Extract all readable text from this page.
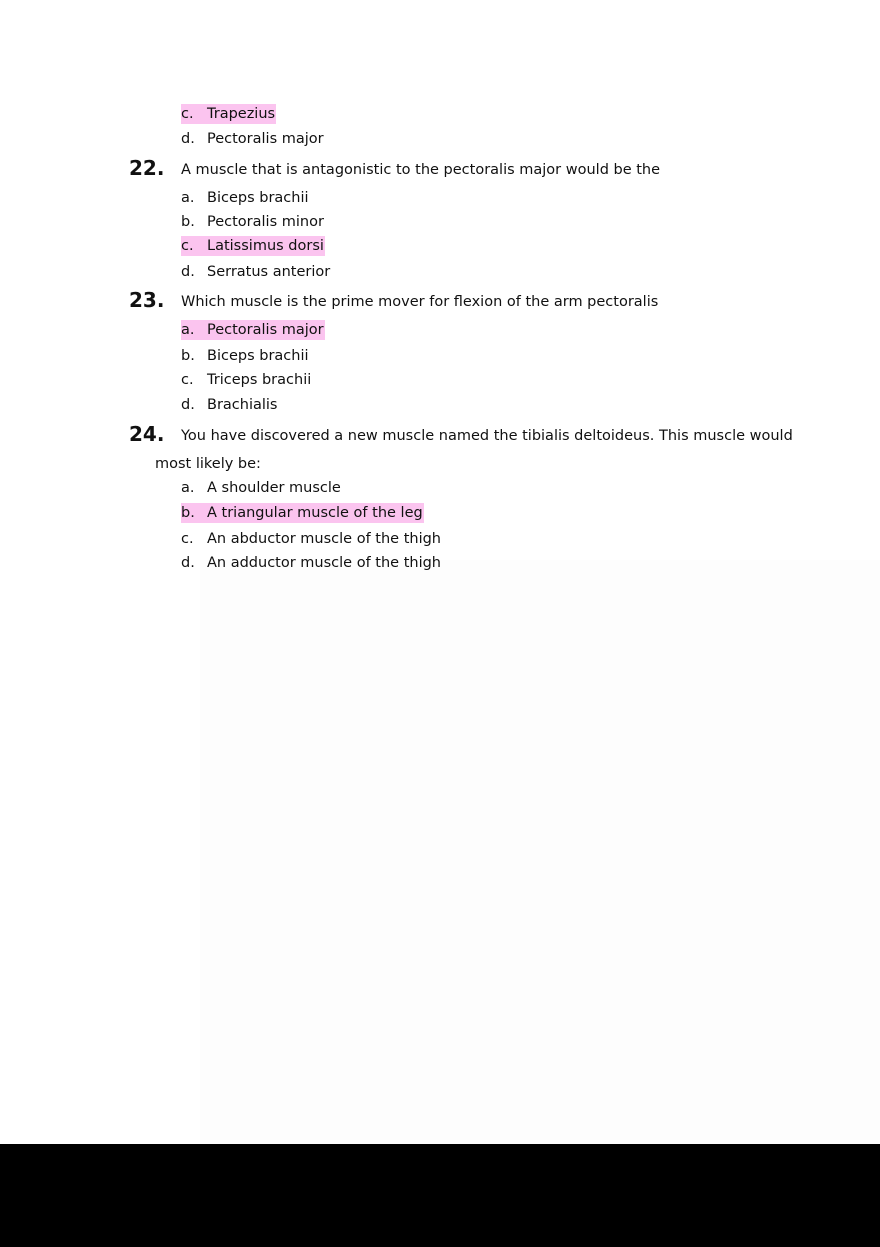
c. Trapezius
d. Pectoralis major
22. A muscle that is antagonistic to the pectoralis major would be the
a. Biceps brachii
b. Pectoralis minor
c. Latissimus dorsi
d. Serratus anterior
23. Which muscle is the prime mover for flexion of the arm pectoralis
a. Pectoralis major
b. Biceps brachii
c. Triceps brachii
d. Brachialis
24. You have discovered a new muscle named the tibialis deltoideus. This muscle would
most likely be:
a. A shoulder muscle
b. A triangular muscle of the leg
c. An abductor muscle of the thigh
d. An adductor muscle of the thigh
